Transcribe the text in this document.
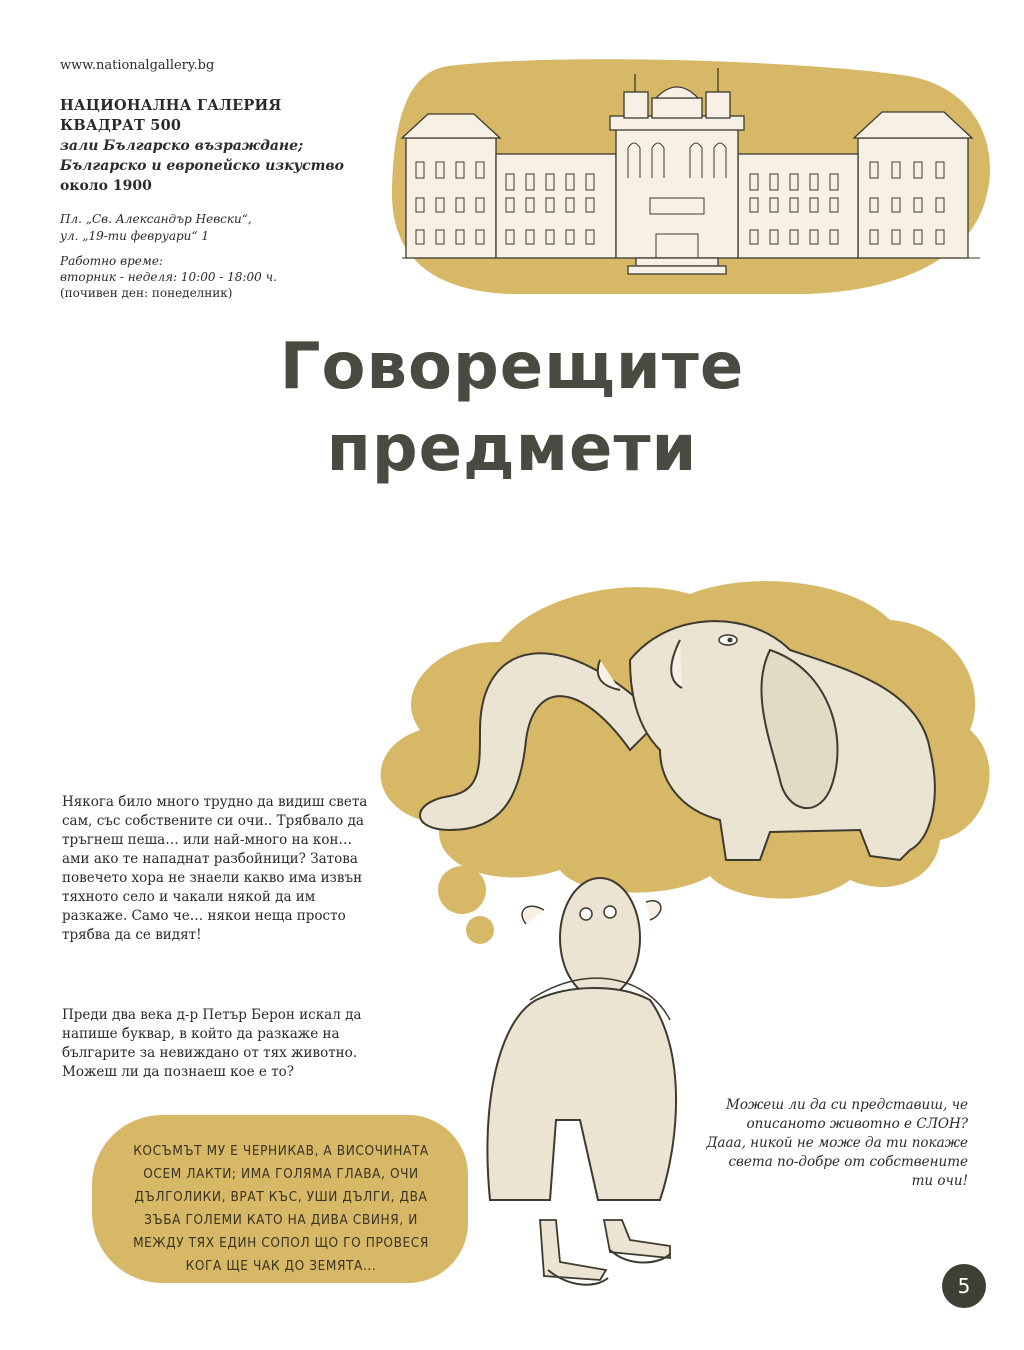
www.nationalgallery.bg
НАЦИОНАЛНА ГАЛЕРИЯ
КВАДРАТ 500
зали Българско възраждане;
Българско и европейско изкуство
около 1900
Пл. „Св. Александър Невски“,
ул. „19-ти февруари“ 1
Работно време:
вторник - неделя: 10:00 - 18:00 ч.
(почивен ден: понеделник)
Говорещите
предмети
Някога било много трудно да видиш света сам, със собствените си очи.. Трябвало да тръгнеш пеша… или най-много на кон… ами ако те нападнат разбойници? Затова повечето хора не знаели какво има извън тяхното село и чакали някой да им разкаже. Само че… някои неща просто трябва да се видят!
Преди два века д-р Петър Берон искал да напише буквар, в който да разкаже на българите за невиждано от тях животно. Можеш ли да познаеш кое е то?
КОСЪМЪТ МУ Е ЧЕРНИКАВ, А ВИСОЧИНАТА ОСЕМ ЛАКТИ; ИМА ГОЛЯМА ГЛАВА, ОЧИ ДЪЛГОЛИКИ, ВРАТ КЪС, УШИ ДЪЛГИ, ДВА ЗЪБА ГОЛЕМИ КАТО НА ДИВА СВИНЯ, И МЕЖДУ ТЯХ ЕДИН СОПОЛ ЩО ГО ПРОВЕСЯ КОГА ЩЕ ЧАК ДО ЗЕМЯТА...
Можеш ли да си представиш, че описаното животно е СЛОН? Дааа, никой не може да ти покаже света по-добре от собствените ти очи!
5
